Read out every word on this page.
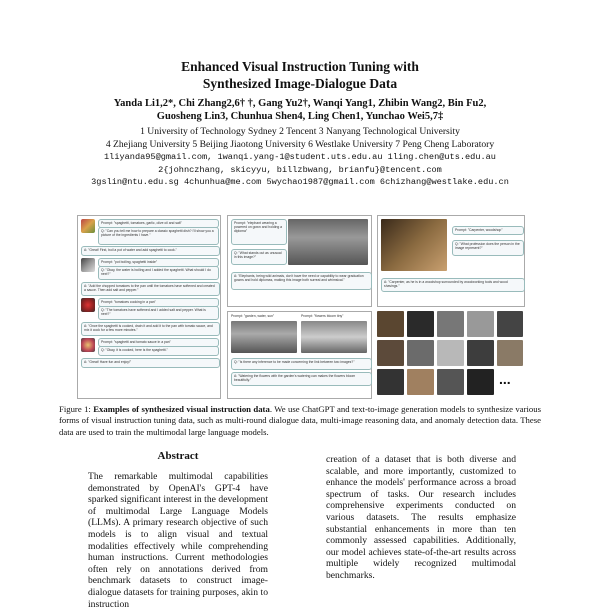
Enhanced Visual Instruction Tuning with
Synthesized Image-Dialogue Data
Yanda Li1,2*, Chi Zhang2,6† †, Gang Yu2†, Wanqi Yang1, Zhibin Wang2, Bin Fu2,
Guosheng Lin3, Chunhua Shen4, Ling Chen1, Yunchao Wei5,7‡
1 University of Technology Sydney 2 Tencent 3 Nanyang Technological University
4 Zhejiang University 5 Beijing Jiaotong University 6 Westlake University 7 Peng Cheng Laboratory
1liyanda95@gmail.com, 1wanqi.yang-1@student.uts.edu.au 1ling.chen@uts.edu.au
2{johnczhang, skicyyu, billzbwang, brianfu}@tencent.com
3gslin@ntu.edu.sg 4chunhua@me.com 5wychao1987@gmail.com 6chizhang@westlake.edu.cn
Prompt: "spaghetti, tomatoes, garlic, olive oil and salt"
Q: "Can you tell me how to prepare a classic spaghetti dish? I'll show you a picture of the ingredients I have."
A: "Great! First, boil a pot of water and add spaghetti to cook."
Prompt: "pot boiling, spaghetti inside"
Q: "Okay, the water is boiling and I added the spaghetti. What should I do next?"
A: "Add the chopped tomatoes to the pan until the tomatoes have softened and created a sauce. Then add salt and pepper."
Prompt: "tomatoes cooking in a pan"
Q: "The tomatoes have softened and I added salt and pepper. What is next?"
A: "Once the spaghetti is cooked, drain it and add it to the pan with tomato sauce, and mix it cook for a few more minutes."
Prompt: "spaghetti and tomato sauce in a pan"
Q: "Okay, it is cooked, here is the spaghetti."
A: "Great! Have fun and enjoy!"
Prompt: "elephant wearing a powered on gown and holding a diploma"
Q: "What stands out as unusual in this image?"
A: "Elephants, being wild animals, don't have the need or capability to wear graduation gowns and hold diplomas, making this image both surreal and whimsical."
Prompt: "Carpenter, woodshop"
Q: "What profession does the person in the image represent?"
A: "Carpenter, as he is in a woodshop surrounded by woodworking tools and wood shavings."
Prompt: "garden, water, sun"	Prompt: "flowers bloom tiny"
Q: "Is there any inference to be made concerning the link between two images?"
A: "Watering the flowers with the garden's watering can makes the flowers bloom beautifully."	...
Figure 1: Examples of synthesized visual instruction data. We use ChatGPT and text-to-image generation models to synthesize various forms of visual instruction tuning data, such as multi-round dialogue data, multi-image reasoning data, and anomaly detection data. These data are used to train the multimodal large language models.
Abstract

The remarkable multimodal capabilities demonstrated by OpenAI's GPT-4 have sparked significant interest in the development of multimodal Large Language Models (LLMs). A primary research objective of such models is to align visual and textual modalities effectively while comprehending human instructions. Current methodologies often rely on annotations derived from benchmark datasets to construct image-dialogue datasets for training purposes, akin to instruction

creation of a dataset that is both diverse and scalable, and more importantly, customized to enhance the models' performance across a broad spectrum of tasks. Our research includes comprehensive experiments conducted on various datasets. The results emphasize substantial enhancements in more than ten commonly assessed capabilities. Additionally, our model achieves state-of-the-art results across multiple widely recognized multimodal benchmarks.
